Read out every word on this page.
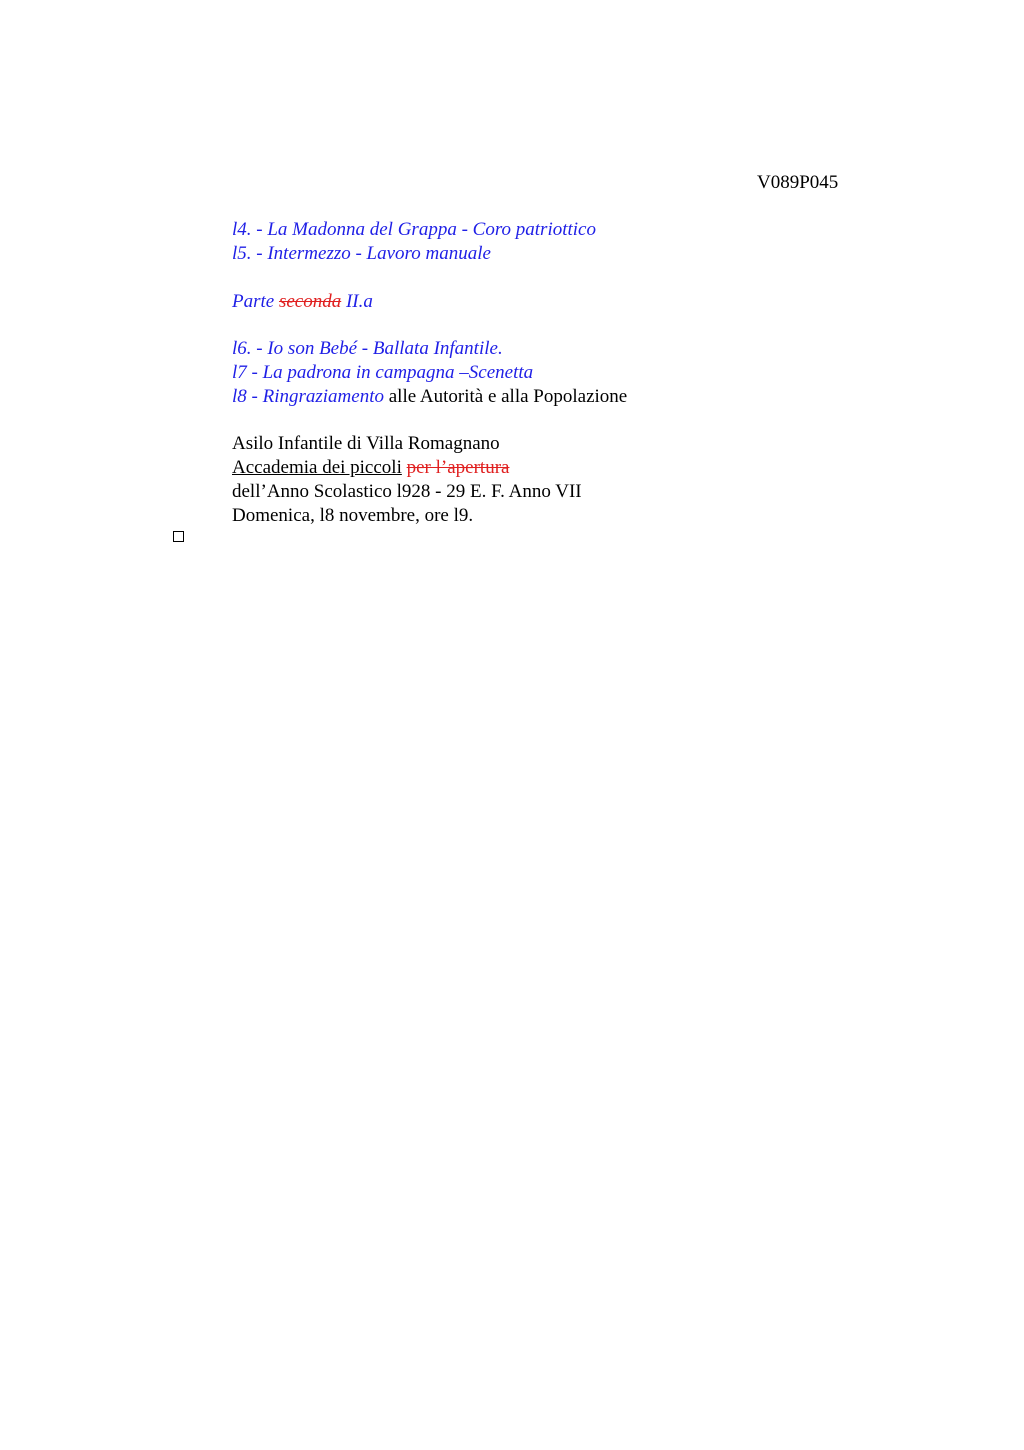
V089P045
l4. - La Madonna del Grappa - Coro patriottico
l5. - Intermezzo - Lavoro manuale
Parte seconda II.a
l6. - Io son Bebé - Ballata Infantile.
l7 - La padrona in campagna –Scenetta
l8 - Ringraziamento alle Autorità e alla Popolazione
Asilo Infantile di Villa Romagnano
Accademia dei piccoli per l’apertura
dell’Anno Scolastico l928 - 29 E. F. Anno VII
Domenica, l8 novembre, ore l9.
